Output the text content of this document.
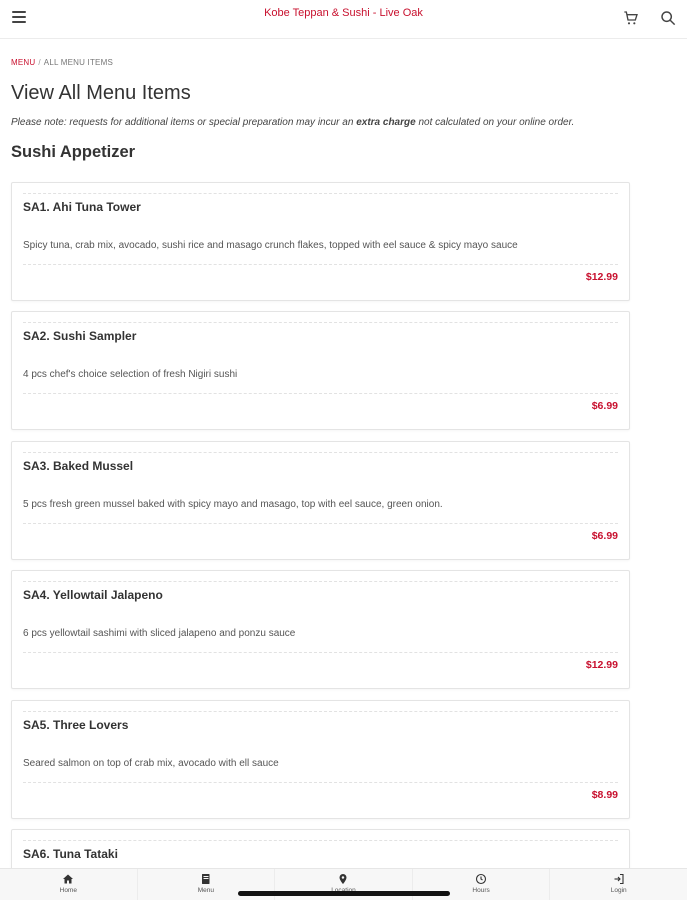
Kobe Teppan & Sushi - Live Oak
MENU / ALL MENU ITEMS
View All Menu Items
Please note: requests for additional items or special preparation may incur an extra charge not calculated on your online order.
Sushi Appetizer
SA1. Ahi Tuna Tower
Spicy tuna, crab mix, avocado, sushi rice and masago crunch flakes, topped with eel sauce & spicy mayo sauce
$12.99
SA2. Sushi Sampler
4 pcs chef's choice selection of fresh Nigiri sushi
$6.99
SA3. Baked Mussel
5 pcs fresh green mussel baked with spicy mayo and masago, top with eel sauce, green onion.
$6.99
SA4. Yellowtail Jalapeno
6 pcs yellowtail sashimi with sliced jalapeno and ponzu sauce
$12.99
SA5. Three Lovers
Seared salmon on top of crab mix, avocado with ell sauce
$8.99
SA6. Tuna Tataki
Home	Menu	Hours	Login
